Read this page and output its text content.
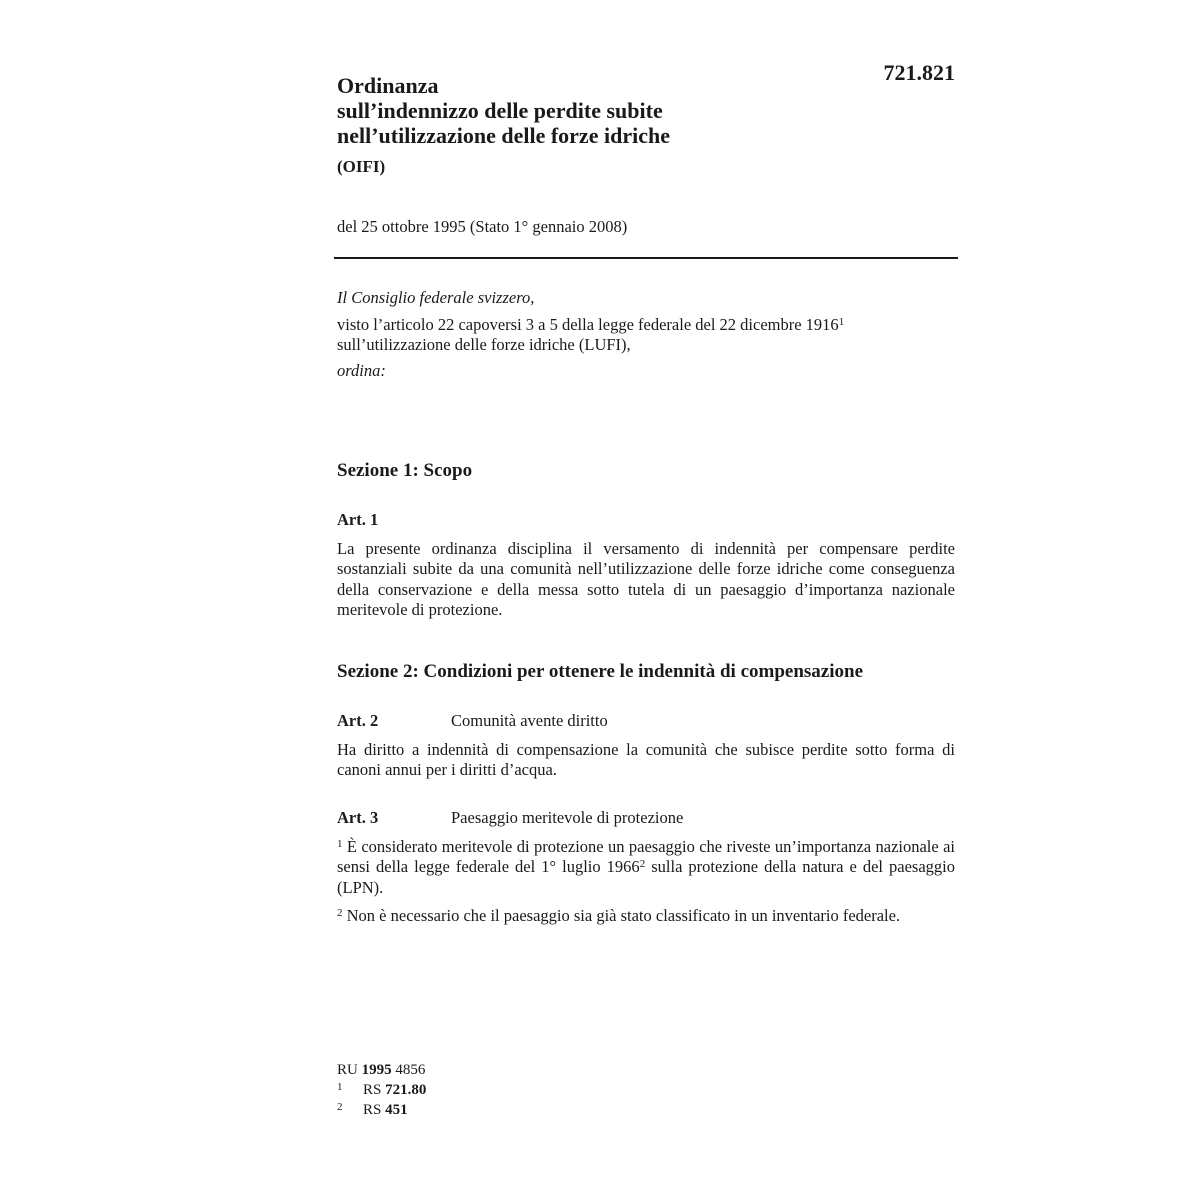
721.821
Ordinanza
sull’indennizzo delle perdite subite
nell’utilizzazione delle forze idriche
(OIFI)
del 25 ottobre 1995 (Stato 1° gennaio 2008)
Il Consiglio federale svizzero,
visto l’articolo 22 capoversi 3 a 5 della legge federale del 22 dicembre 1916$^1$
sull’utilizzazione delle forze idriche (LUFI),
ordina:
Sezione 1: Scopo
Art. 1
La presente ordinanza disciplina il versamento di indennità per compensare perdite sostanziali subite da una comunità nell’utilizzazione delle forze idriche come conseguenza della conservazione e della messa sotto tutela di un paesaggio d’importanza nazionale meritevole di protezione.
Sezione 2: Condizioni per ottenere le indennità di compensazione
Art. 2	Comunità avente diritto
Ha diritto a indennità di compensazione la comunità che subisce perdite sotto forma di canoni annui per i diritti d’acqua.
Art. 3	Paesaggio meritevole di protezione
$^1$ È considerato meritevole di protezione un paesaggio che riveste un’importanza nazionale ai sensi della legge federale del 1° luglio 1966$^2$ sulla protezione della natura e del paesaggio (LPN).
$^2$ Non è necessario che il paesaggio sia già stato classificato in un inventario federale.
RU 1995 4856
1 RS 721.80
2 RS 451
